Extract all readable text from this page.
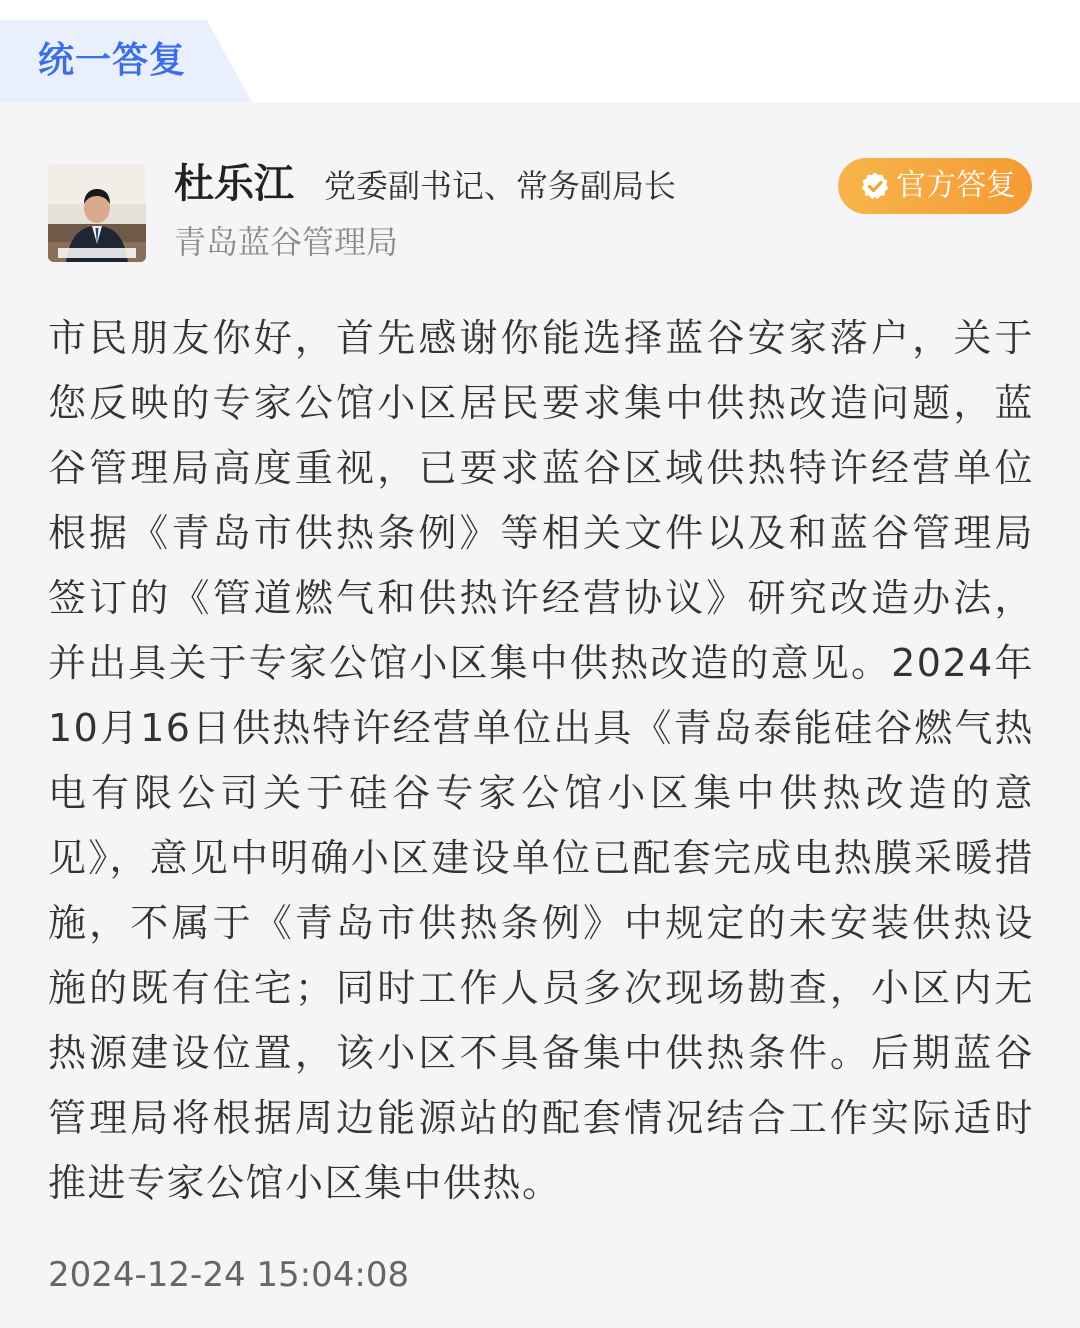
统一答复
杜乐江 党委副书记、常务副局长
青岛蓝谷管理局
官方答复

市民朋友你好，首先感谢你能选择蓝谷安家落户，关于您反映的专家公馆小区居民要求集中供热改造问题，蓝谷管理局高度重视，已要求蓝谷区域供热特许经营单位根据《青岛市供热条例》等相关文件以及和蓝谷管理局签订的《管道燃气和供热许经营协议》研究改造办法，并出具关于专家公馆小区集中供热改造的意见。2024年10月16日供热特许经营单位出具《青岛泰能硅谷燃气热电有限公司关于硅谷专家公馆小区集中供热改造的意见》，意见中明确小区建设单位已配套完成电热膜采暖措施，不属于《青岛市供热条例》中规定的未安装供热设施的既有住宅；同时工作人员多次现场勘查，小区内无热源建设位置，该小区不具备集中供热条件。后期蓝谷管理局将根据周边能源站的配套情况结合工作实际适时推进专家公馆小区集中供热。

2024-12-24 15:04:08
